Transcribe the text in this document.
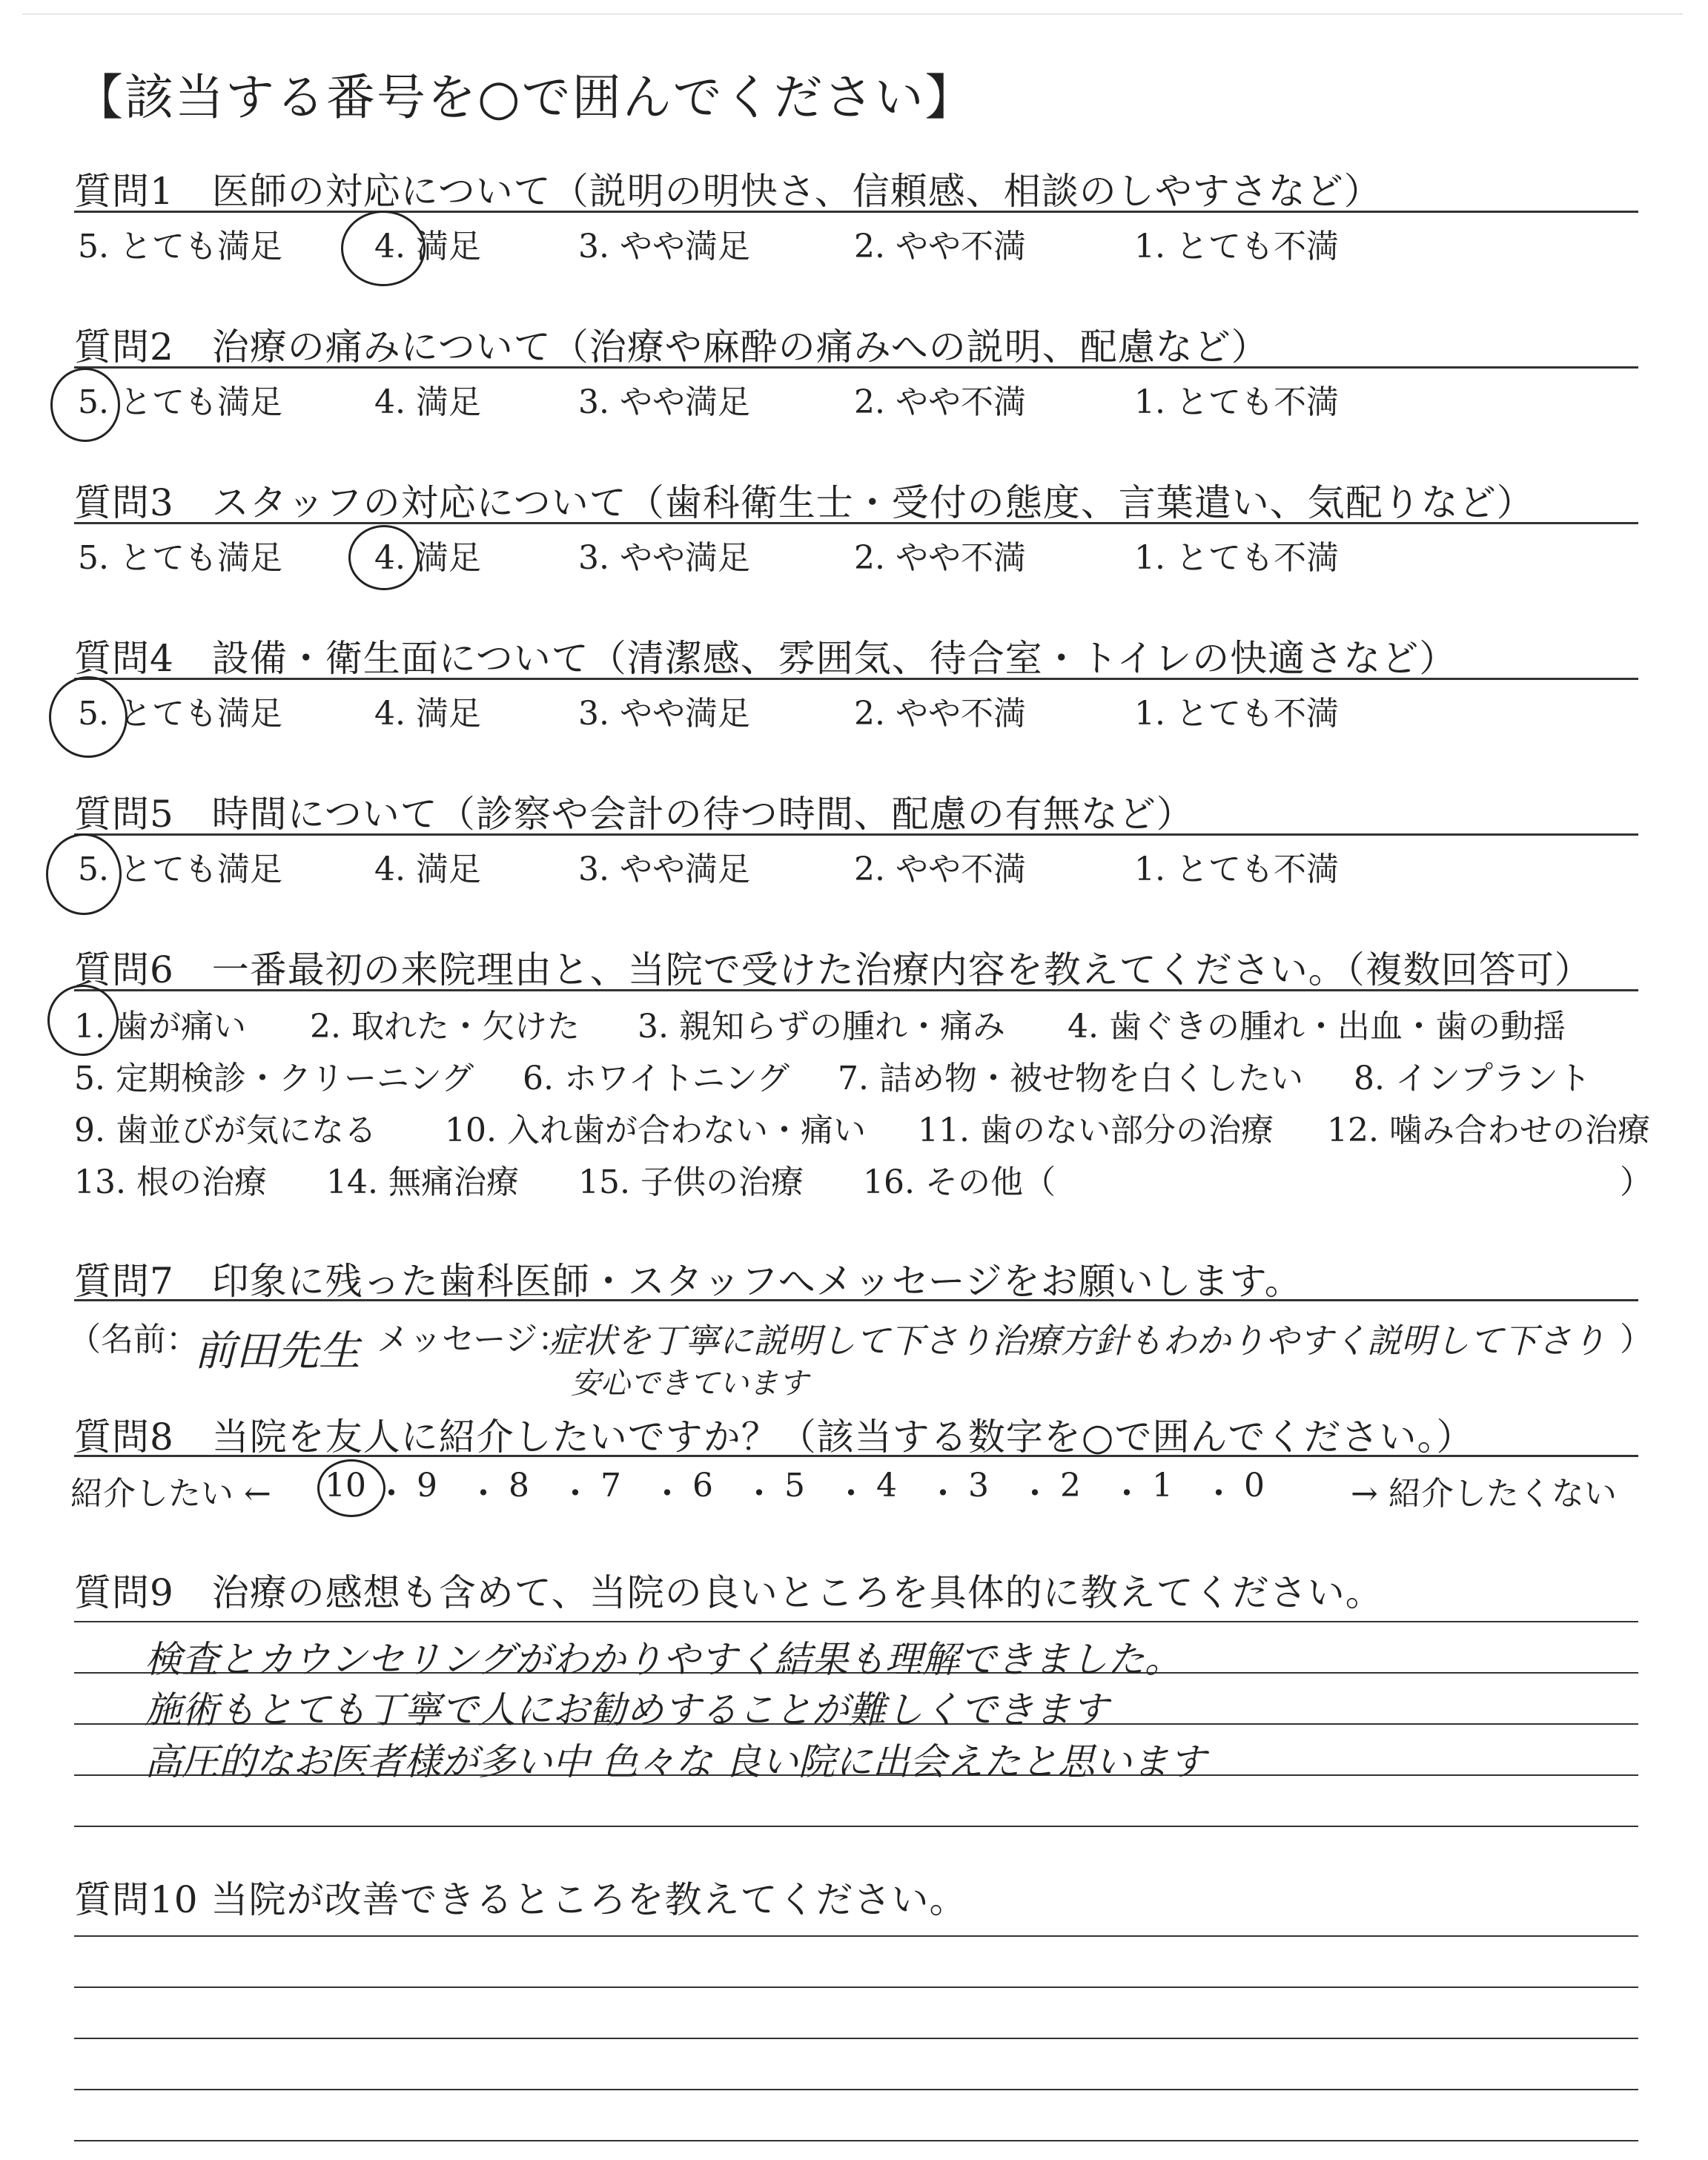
【該当する番号を○で囲んでください】
質問1　医師の対応について（説明の明快さ、信頼感、相談のしやすさなど）
5. とても満足	4. 満足	3. やや満足	2. やや不満	1. とても不満
質問2　治療の痛みについて（治療や麻酔の痛みへの説明、配慮など）
5. とても満足	4. 満足	3. やや満足	2. やや不満	1. とても不満
質問3　スタッフの対応について（歯科衛生士・受付の態度、言葉遣い、気配りなど）
5. とても満足	4. 満足	3. やや満足	2. やや不満	1. とても不満
質問4　設備・衛生面について（清潔感、雰囲気、待合室・トイレの快適さなど）
5. とても満足	4. 満足	3. やや満足	2. やや不満	1. とても不満
質問5　時間について（診察や会計の待つ時間、配慮の有無など）
5. とても満足	4. 満足	3. やや満足	2. やや不満	1. とても不満
質問6　一番最初の来院理由と、当院で受けた治療内容を教えてください。（複数回答可）
1. 歯が痛い 2. 取れた・欠けた 3. 親知らずの腫れ・痛み 4. 歯ぐきの腫れ・出血・歯の動揺
5. 定期検診・クリーニング 6. ホワイトニング 7. 詰め物・被せ物を白くしたい 8. インプラント
9. 歯並びが気になる 10. 入れ歯が合わない・痛い 11. 歯のない部分の治療 12. 噛み合わせの治療
13. 根の治療 14. 無痛治療 15. 子供の治療 16. その他（	）
質問7　印象に残った歯科医師・スタッフへメッセージをお願いします。
（名前：
前田先生 メッセージ：
症状を丁寧に説明して下さり治療方針もわかりやすく説明して下さり
安心できています
）
質問8　当院を友人に紹介したいですか？（該当する数字を○で囲んでください。）
紹介したい ← 10 ・ 9 ・ 8 ・ 7 ・ 6 ・ 5 ・ 4 ・ 3 ・ 2 ・ 1 ・ 0	→ 紹介したくない
質問9　治療の感想も含めて、当院の良いところを具体的に教えてください。
検査とカウンセリングがわかりやすく結果も理解できました。
施術もとても丁寧で人にお勧めすることが難しくできます
高圧的なお医者様が多い中 色々な 良い院に出会えたと思います
質問10 当院が改善できるところを教えてください。
